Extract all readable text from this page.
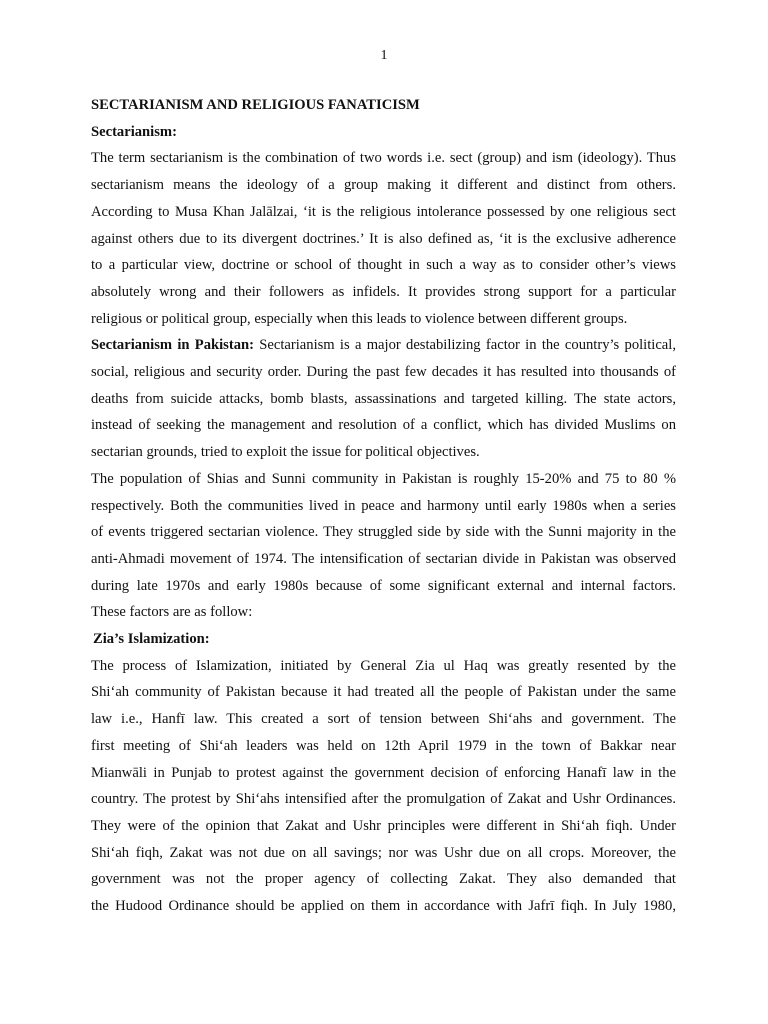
1

SECTARIANISM AND RELIGIOUS FANATICISM

Sectarianism:

The term sectarianism is the combination of two words i.e. sect (group) and ism (ideology). Thus

sectarianism means the ideology of a group making it different and distinct from others.

According to Musa Khan Jalālzai, ‘it is the religious intolerance possessed by one religious sect

against others due to its divergent doctrines.’ It is also defined as, ‘it is the exclusive adherence

to a particular view, doctrine or school of thought in such a way as to consider other’s views

absolutely wrong and their followers as infidels. It provides strong support for a particular

religious or political group, especially when this leads to violence between different groups.

Sectarianism in Pakistan: Sectarianism is a major destabilizing factor in the country’s political,

social, religious and security order. During the past few decades it has resulted into thousands of

deaths from suicide attacks, bomb blasts, assassinations and targeted killing. The state actors,

instead of seeking the management and resolution of a conflict, which has divided Muslims on

sectarian grounds, tried to exploit the issue for political objectives.

The population of Shias and Sunni community in Pakistan is roughly 15-20% and 75 to 80 %

respectively. Both the communities lived in peace and harmony until early 1980s when a series

of events triggered sectarian violence. They struggled side by side with the Sunni majority in the

anti-Ahmadi movement of 1974. The intensification of sectarian divide in Pakistan was observed

during late 1970s and early 1980s because of some significant external and internal factors.

These factors are as follow:

Zia’s Islamization:

The process of Islamization, initiated by General Zia ul Haq was greatly resented by the

Shi‘ah community of Pakistan because it had treated all the people of Pakistan under the same

law i.e., Hanfī law. This created a sort of tension between Shi‘ahs and government. The

first meeting of Shi‘ah leaders was held on 12th April 1979 in the town of Bakkar near

Mianwāli in Punjab to protest against the government decision of enforcing Hanafī law in the

country. The protest by Shi‘ahs intensified after the promulgation of Zakat and Ushr Ordinances.

They were of the opinion that Zakat and Ushr principles were different in Shi‘ah fiqh. Under

Shi‘ah fiqh, Zakat was not due on all savings; nor was Ushr due on all crops. Moreover, the

government was not the proper agency of collecting Zakat. They also demanded that

the Hudood Ordinance should be applied on them in accordance with Jafrī fiqh. In July 1980,
